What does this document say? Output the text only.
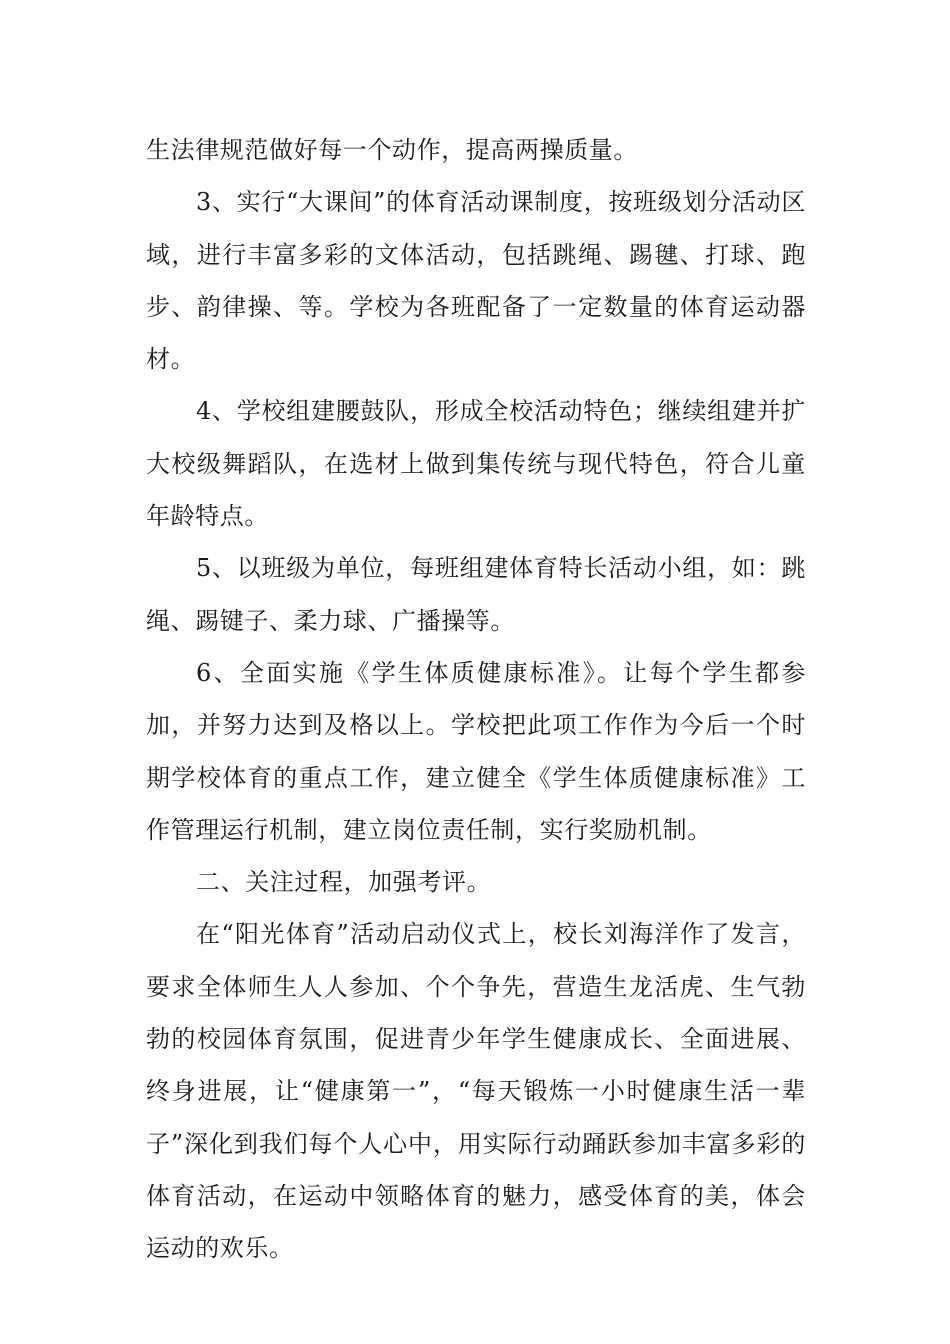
生法律规范做好每一个动作，提高两操质量。

3、实行“大课间”的体育活动课制度，按班级划分活动区域，进行丰富多彩的文体活动，包括跳绳、踢毽、打球、跑步、韵律操、等。学校为各班配备了一定数量的体育运动器材。

4、学校组建腰鼓队，形成全校活动特色；继续组建并扩大校级舞蹈队，在选材上做到集传统与现代特色，符合儿童年龄特点。

5、以班级为单位，每班组建体育特长活动小组，如：跳绳、踢键子、柔力球、广播操等。

6、全面实施《学生体质健康标准》。让每个学生都参加，并努力达到及格以上。学校把此项工作作为今后一个时期学校体育的重点工作，建立健全《学生体质健康标准》工作管理运行机制，建立岗位责任制，实行奖励机制。

二、关注过程，加强考评。

在“阳光体育”活动启动仪式上，校长刘海洋作了发言，要求全体师生人人参加、个个争先，营造生龙活虎、生气勃勃的校园体育氛围，促进青少年学生健康成长、全面进展、终身进展，让“健康第一”，“每天锻炼一小时健康生活一辈子”深化到我们每个人心中，用实际行动踊跃参加丰富多彩的体育活动，在运动中领略体育的魅力，感受体育的美，体会运动的欢乐。
